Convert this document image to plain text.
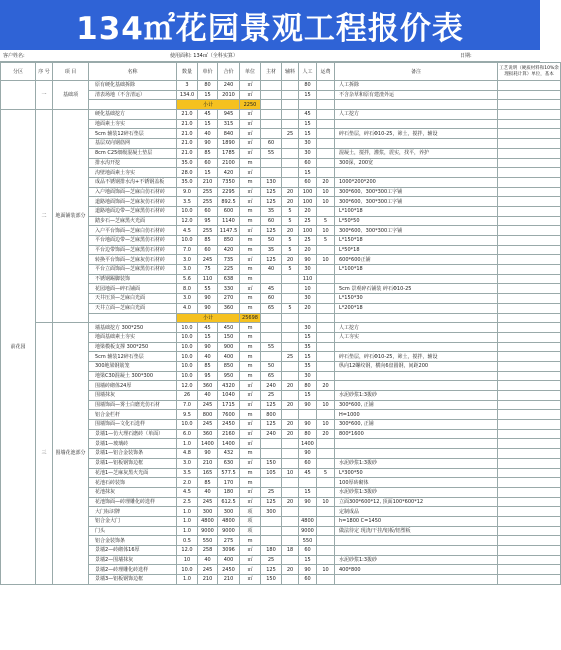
134㎡花园景观工程报价表
客户姓名:	使用面积: 134㎡（全科实算）	日期:
分区	序 号	项 目	名称	数量	单价	合价	单位	主材	辅料	人工	运费	备注	工艺说明（硬质材料和10%余理损耗计算）单位，基本	
	一	基础项	原有硬化基础拆除	3	80	240	㎡			80		人工拆除		
			清表场地（不含清运）	134.0	15	2010	㎡			15		不含杂草和原有建渣外运		
				小计			2250							
前花园	二	地面铺装部分	硬化基础挖方	21.0	45	945	㎡			45		人工挖方		
			地面素土夯实	21.0	15	315	㎡			15				
			5cm 辅装12碎石垫层	21.0	40	840	㎡		25	15		碎石垫层，碎石Φ10-25，筛土，搅拌，辅设		
			基层双向钢筋网	21.0	90	1890	㎡	60		30				
			8cm C25细级混凝土垫层	21.0	85	1785	㎡	55		30		混凝土，搅拌，灌浆，震实，找平，养护		
			排水沟开挖	35.0	60	2100	m			60		300深，200宽		
			沟壁地面素土夯实	28.0	15	420	㎡			15				
			成品不锈钢排水沟+不锈钢盖板	35.0	210	7350	m	130		60	20	1000*200*200		
			入户地面饰面—芝麻白仿石材砖	9.0	255	2295	㎡	125	20	100	10	300*600、300*300工字铺		
			道路地面饰面—芝麻灰仿石材砖	3.5	255	892.5	㎡	125	20	100	10	300*600、300*300工字铺		
			道路地面边带—芝麻黑仿石材砖	10.0	60	600	m	35	5	20		L*100*18		
			踏步石—芝麻黑火光面	12.0	95	1140	m	60	5	25	5	L*50*50		
			入户平台饰面—芝麻白仿石材砖	4.5	255	1147.5	㎡	125	20	100	10	300*600、300*300工字铺		
			平台地面边带—芝麻黑仿石材砖	10.0	85	850	m	50	5	25	5	L*150*18		
			平台边带饰面—芝麻黑仿石材砖	7.0	60	420	m	35	5	20		L*50*18		
			转换平台饰面—芝麻灰仿石材砖	3.0	245	735	㎡	125	20	90	10	600*600正铺		
			平台立面饰面—芝麻黑仿石材砖	3.0	75	225	m	40	5	30		L*100*18		
			不锈钢踢脚装饰	5.6	110	638	m			110				
			花园地面—碎石铺面	8.0	55	330	㎡	45		10		5cm 景观碎石铺装 碎石Φ10-25		
			天井压顶—芝麻白光面	3.0	90	270	m	60		30		L*150*30		
			天井立面—芝麻白光面	4.0	90	360	m	65	5	20		L*200*18		
				小计			25698							
	三	围墙花池部分	墙基础挖方 300*250	10.0	45	450	m			30		人工挖方		
			地面基础素土夯实	10.0	15	150	m			15		人工夯实		
			地梁模板支撑 300*250	10.0	90	900	m	55		35				
			5cm 辅装12碎石垫层	10.0	40	400	m		25	15		碎石垫层，碎石Φ10-25，筛土，搅拌，辅设		
			300地梁钢筋笼	10.0	85	850	m	50		35		纵向12螺纹钢，横向6盘圆钢，间距200		
			地梁C30混凝土 300*300	10.0	95	950	m	65		30				
			围墙砖砌体24厚	12.0	360	4320	㎡	240	20	80	20			
			围墙抹灰	26	40	1040	㎡	25		15		水泥砂浆1:3拨砂		
			围墙饰面—雾士白磨光仿石材	7.0	245	1715	㎡	125	20	90	10	300*600, 正铺		
			铝合金栏杆	9.5	800	7600	m	800				H=1000		
			围墙饰面—文化石选样	10.0	245	2450	㎡	125	20	90	10	300*600, 正铺		
			景墙1—仿大理石磨砖（单面）	6.0	360	2160	㎡	240	20	80	20	800*1600		
			景墙1—玻璃砖	1.0	1400	1400	㎡			1400				
			景墙1—铝合金装饰条	4.8	90	432	m			90				
			景墙1—铝板钢饰边框	3.0	210	630	㎡	150		60		水泥砂浆1:3拨砂		
			花池1—芝麻灰黑火光面	3.5	165	577.5	m	105	10	45	5	L*300*50		
			花池石砖装饰	2.0	85	170	m					100厚砖砌体		
			花池抹灰	4.5	40	180	㎡	25		15		水泥砂浆1:3拨砂		
			花池饰面—砖理雕化砖选样	2.5	245	612.5	㎡	125	20	90	10	立面300*600*12, 顶面100*600*12		
			大门标识牌	1.0	300	300	项	300				定制成品		
			铝合金大门	1.0	4800	4800	项			4800		h=1800 C=1450		
			门头	1.0	9000	9000	项			9000		做法待定 现浇/干挂/铝板/铝塑板		
			铝合金装饰条	0.5	550	275	m			550				
			景墙2—砖砌体16厚	12.0	258	3096	㎡	180	18	60				
			景墙2—围墙抹灰	10	40	400	㎡	25		15		水泥砂浆1:3拨砂		
			景墙2—砖理雕化砖选样	10.0	245	2450	㎡	125	20	90	10	400*800		
			景墙3—铝板钢饰边框	1.0	210	210	㎡	150		60				
